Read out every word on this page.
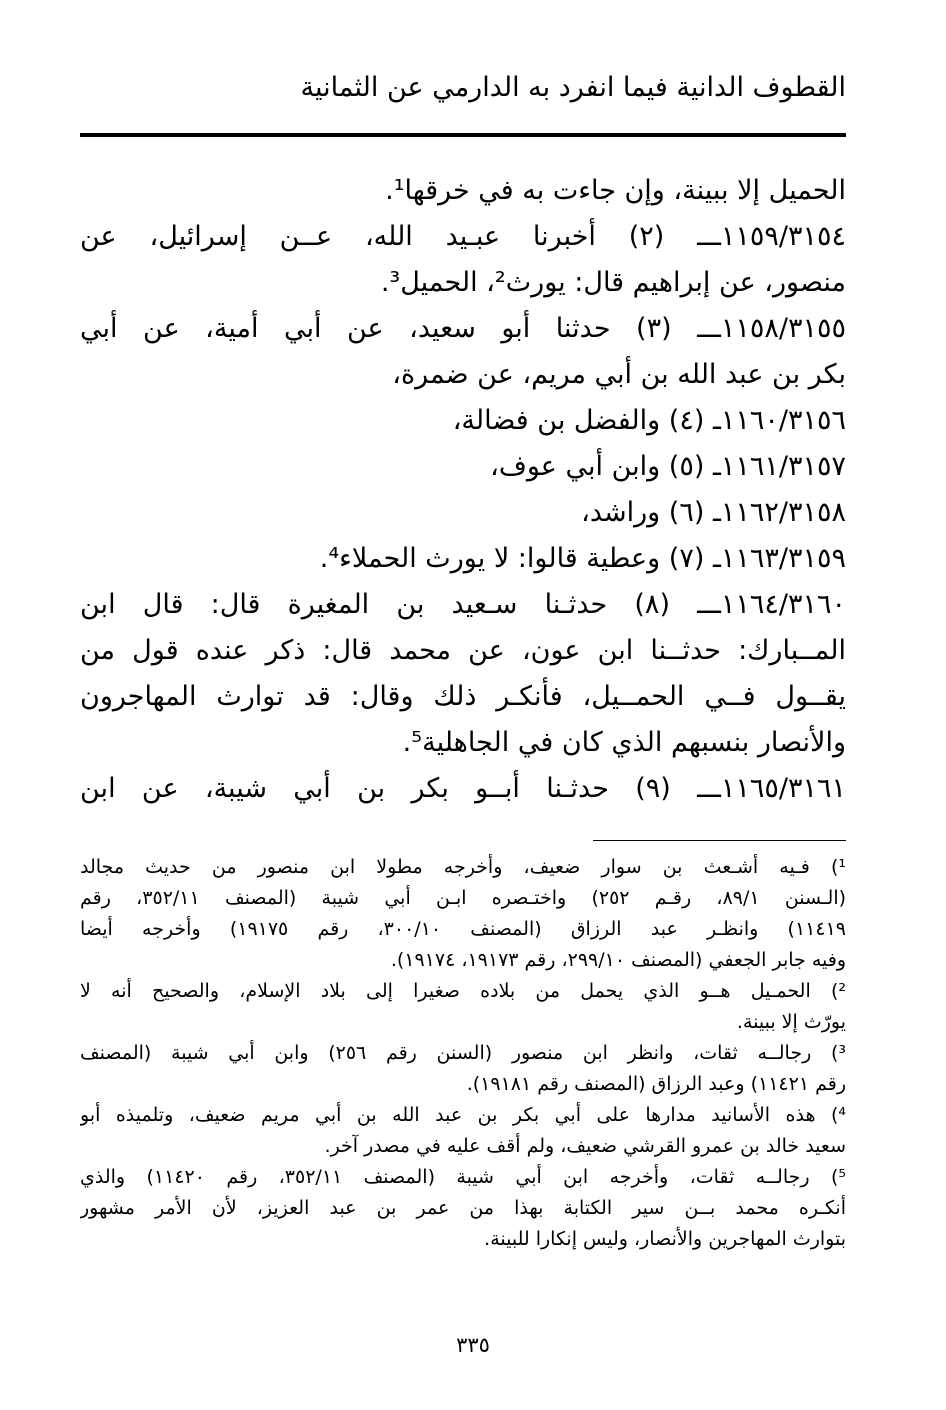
القطوف الدانية فيما انفرد به الدارمي عن الثمانية
الحميل إلا ببينة، وإن جاءت به في خرقها¹.
١١٥٩/٣١٥٤ـــ (٢) أخبرنا عبـيد الله، عــن إسرائيل، عن
منصور، عن إبراهيم قال: يورث²، الحميل³.
١١٥٨/٣١٥٥ـــ (٣) حدثنا أبو سعيد، عن أبي أمية، عن أبي
بكر بن عبد الله بن أبي مريم، عن ضمرة،
١١٦٠/٣١٥٦ـ (٤) والفضل بن فضالة،
١١٦١/٣١٥٧ـ (٥) وابن أبي عوف،
١١٦٢/٣١٥٨ـ (٦) وراشد،
١١٦٣/٣١٥٩ـ (٧) وعطية قالوا: لا يورث الحملاء⁴.
١١٦٤/٣١٦٠ـــ (٨) حدثـنا سـعيد بن المغيرة قال: قال ابن
المــبارك: حدثــنا ابن عون، عن محمد قال: ذكر عنده قول من
يقــول فــي الحمــيل، فأنكـر ذلك وقال: قد توارث المهاجرون
والأنصار بنسبهم الذي كان في الجاهلية⁵.
١١٦٥/٣١٦١ـــ (٩) حدثـنا أبــو بكر بن أبي شيبة، عن ابن
¹) فـيه أشـعث بن سوار ضعيف، وأخرجه مطولا ابن منصور من حديث مجالد
(الـسنن ٨٩/١، رقـم ٢٥٢) واختـصره ابـن أبي شيبة (المصنف ٣٥٢/١١، رقم
١١٤١٩) وانظـر عبد الرزاق (المصنف ٣٠٠/١٠، رقم ١٩١٧٥) وأخرجه أيضا
وفيه جابر الجعفي (المصنف ٢٩٩/١٠، رقم ١٩١٧٣، ١٩١٧٤).
²) الحمـيل هــو الذي يحمل من بلاده صغيرا إلى بلاد الإسلام، والصحيح أنه لا
يورّث إلا ببينة.
³) رجالــه ثقات، وانظر ابن منصور (السنن رقم ٢٥٦) وابن أبي شيبة (المصنف
رقم ١١٤٢١) وعبد الرزاق (المصنف رقم ١٩١٨١).
⁴) هذه الأسانيد مدارها على أبي بكر بن عبد الله بن أبي مريم ضعيف، وتلميذه أبو
سعيد خالد بن عمرو القرشي ضعيف، ولم أقف عليه في مصدر آخر.
⁵) رجالــه ثقات، وأخرجه ابن أبي شيبة (المصنف ٣٥٢/١١، رقم ١١٤٢٠) والذي
أنكـره محمد بــن سير الكتابة بهذا من عمر بن عبد العزيز، لأن الأمر مشهور
بتوارث المهاجرين والأنصار، وليس إنكارا للبينة.
٣٣٥
